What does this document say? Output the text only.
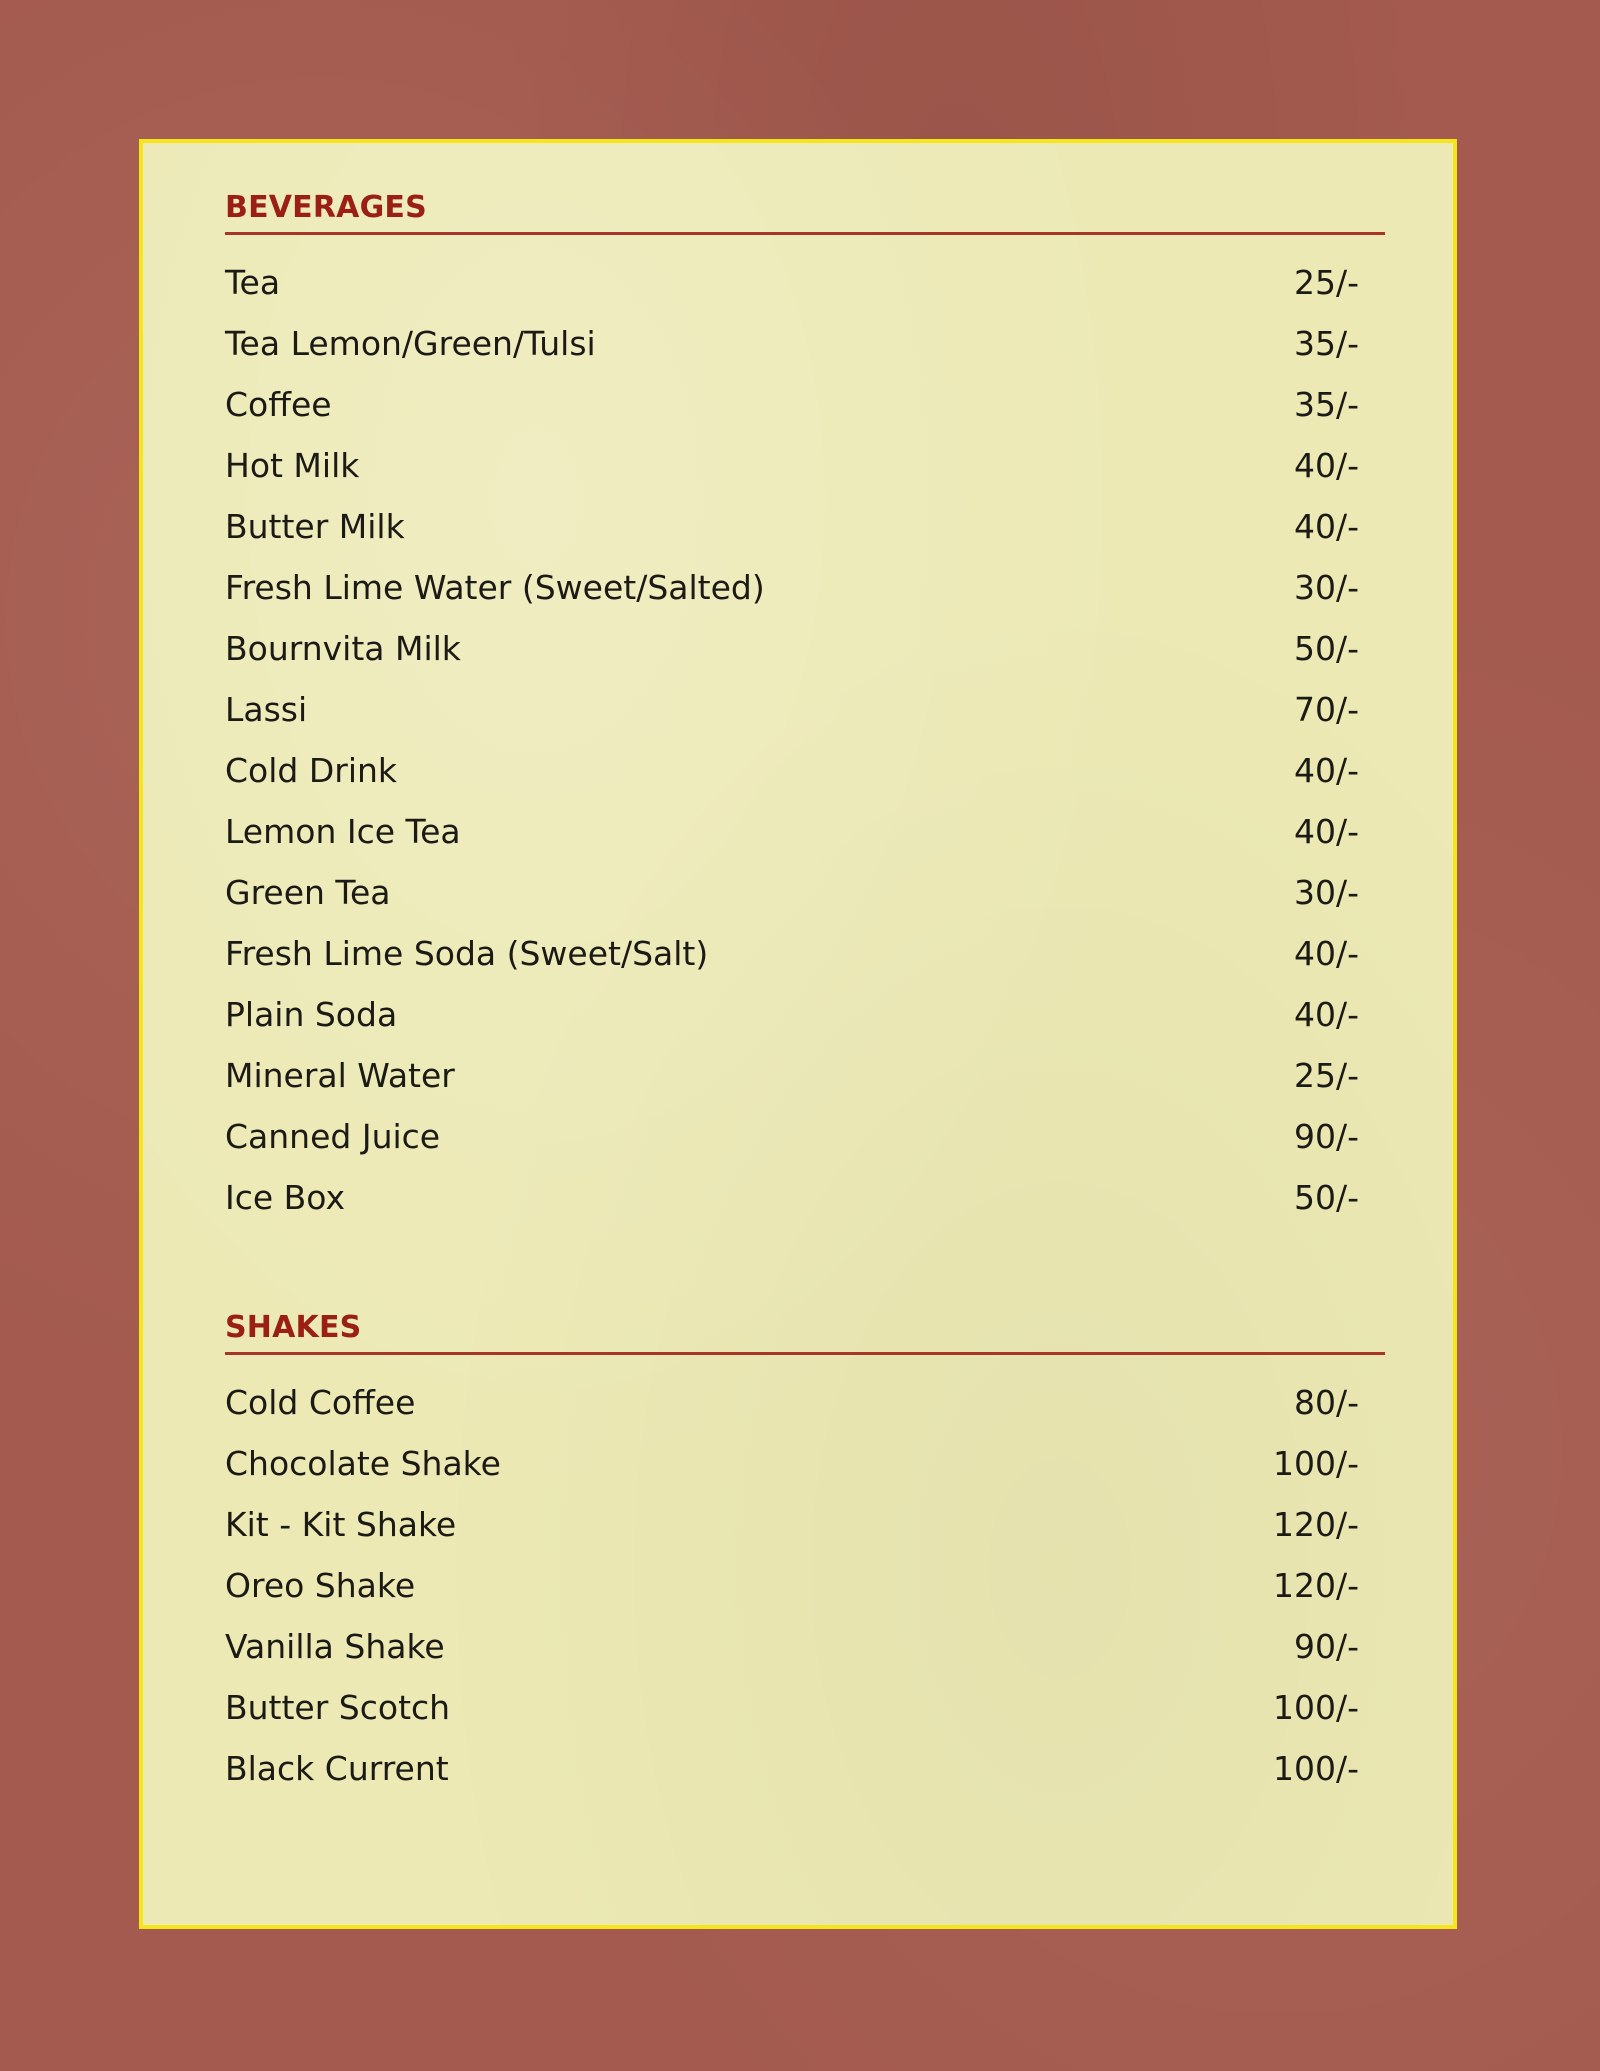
BEVERAGES
Tea	25/-
Tea Lemon/Green/Tulsi	35/-
Coffee	35/-
Hot Milk	40/-
Butter Milk	40/-
Fresh Lime Water (Sweet/Salted)	30/-
Bournvita Milk	50/-
Lassi	70/-
Cold Drink	40/-
Lemon Ice Tea	40/-
Green Tea	30/-
Fresh Lime Soda (Sweet/Salt)	40/-
Plain Soda	40/-
Mineral Water	25/-
Canned Juice	90/-
Ice Box	50/-
SHAKES
Cold Coffee	80/-
Chocolate Shake	100/-
Kit - Kit Shake	120/-
Oreo Shake	120/-
Vanilla Shake	90/-
Butter Scotch	100/-
Black Current	100/-
